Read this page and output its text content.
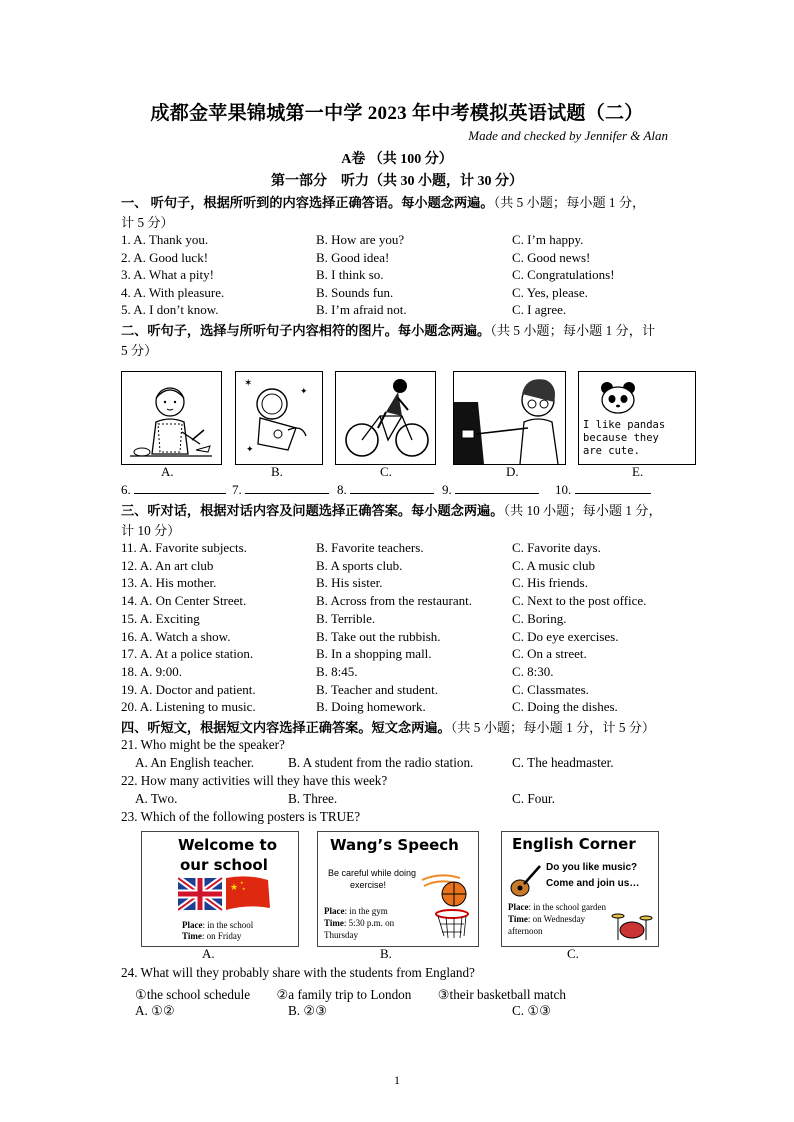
成都金苹果锦城第一中学 2023 年中考模拟英语试题（二）
Made and checked by Jennifer & Alan
A卷 （共 100 分）
第一部分　听力（共 30 小题，计 30 分）
一、 听句子，根据所听到的内容选择正确答语。每小题念两遍。（共 5 小题；每小题 1 分，
计 5 分）
1. A. Thank you.	B. How are you?	C. I’m happy.
2. A. Good luck!	B. Good idea!	C. Good news!
3. A. What a pity!	B. I think so.	C. Congratulations!
4. A. With pleasure.	B. Sounds fun.	C. Yes, please.
5. A. I don’t know.	B. I’m afraid not.	C. I agree.
二、听句子，选择与所听句子内容相符的图片。每小题念两遍。（共 5 小题；每小题 1 分，计
5 分）
✶
✦
✦
I like pandas
because they
are cute.
A.	B.	C.	D.	E.
6.	7.	8.	9.	10.
三、听对话，根据对话内容及问题选择正确答案。每小题念两遍。（共 10 小题；每小题 1 分，
计 10 分）
11. A. Favorite subjects.	B. Favorite teachers.	C. Favorite days.
12. A. An art club	B. A sports club.	C. A music club
13. A. His mother.	B. His sister.	C. His friends.
14. A. On Center Street.	B. Across from the restaurant.	C. Next to the post office.
15. A. Exciting	B. Terrible.	C. Boring.
16. A. Watch a show.	B. Take out the rubbish.	C. Do eye exercises.
17. A. At a police station.	B. In a shopping mall.	C. On a street.
18. A. 9:00.	B. 8:45.	C. 8:30.
19. A. Doctor and patient.	B. Teacher and student.	C. Classmates.
20. A. Listening to music.	B. Doing homework.	C. Doing the dishes.
四、听短文，根据短文内容选择正确答案。短文念两遍。（共 5 小题；每小题 1 分，计 5 分）
21. Who might be the speaker?
A. An English teacher.	B. A student from the radio station.	C. The headmaster.
22. How many activities will they have this week?
A. Two.	B. Three.	C. Four.
23. Which of the following posters is TRUE?
Welcome to
our school
★ ★
★
Place: in the school
Time: on Friday
Wang’s Speech
Be careful while doing
exercise!
Place: in the gym
Time: 5:30 p.m. on
Thursday
English Corner
Do you like music?
Come and join us…
Place: in the school garden
Time: on Wednesday
afternoon
A.	B.	C.
24. What will they probably share with the students from England?
①the school schedule　　②a family trip to London　　③their basketball match
A. ①②	B. ②③	C. ①③
1
